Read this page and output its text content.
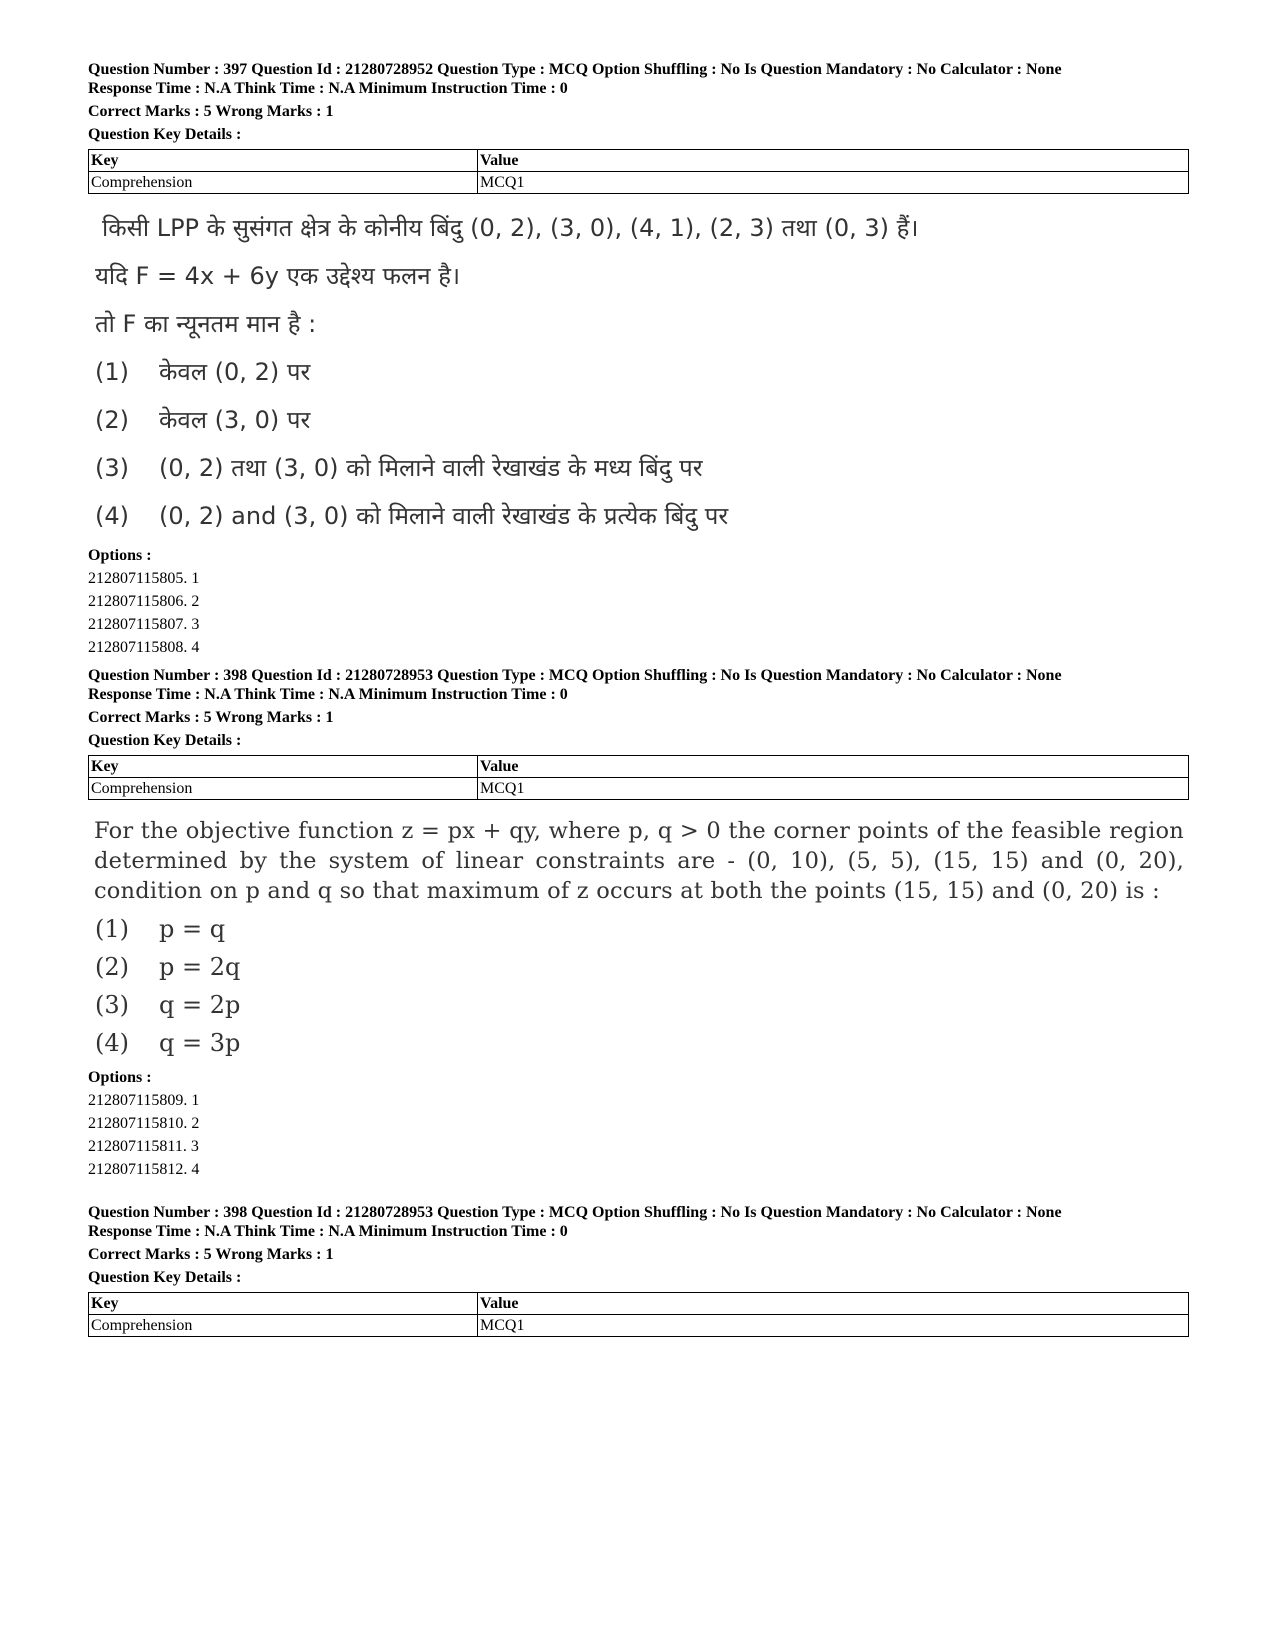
Question Number : 397 Question Id : 21280728952 Question Type : MCQ Option Shuffling : No Is Question Mandatory : No Calculator : None

Response Time : N.A Think Time : N.A Minimum Instruction Time : 0

Correct Marks : 5 Wrong Marks : 1

Question Key Details :

Key	Value
Comprehension	MCQ1

किसी LPP के सुसंगत क्षेत्र के कोनीय बिंदु (0, 2), (3, 0), (4, 1), (2, 3) तथा (0, 3) हैं।

यदि F = 4x + 6y एक उद्देश्य फलन है।

तो F का न्यूनतम मान है :

(1)	केवल (0, 2) पर
(2)	केवल (3, 0) पर
(3)	(0, 2) तथा (3, 0) को मिलाने वाली रेखाखंड के मध्य बिंदु पर
(4)	(0, 2) and (3, 0) को मिलाने वाली रेखाखंड के प्रत्येक बिंदु पर

Options :

212807115805. 1

212807115806. 2

212807115807. 3

212807115808. 4

Question Number : 398 Question Id : 21280728953 Question Type : MCQ Option Shuffling : No Is Question Mandatory : No Calculator : None

Response Time : N.A Think Time : N.A Minimum Instruction Time : 0

Correct Marks : 5 Wrong Marks : 1

Question Key Details :

Key	Value
Comprehension	MCQ1

For the objective function z = px + qy, where p, q > 0 the corner points of the feasible region determined by the system of linear constraints are - (0, 10), (5, 5), (15, 15) and (0, 20), condition on p and q so that maximum of z occurs at both the points (15, 15) and (0, 20) is :

(1)	p = q
(2)	p = 2q
(3)	q = 2p
(4)	q = 3p

Options :

212807115809. 1

212807115810. 2

212807115811. 3

212807115812. 4

Question Number : 398 Question Id : 21280728953 Question Type : MCQ Option Shuffling : No Is Question Mandatory : No Calculator : None

Response Time : N.A Think Time : N.A Minimum Instruction Time : 0

Correct Marks : 5 Wrong Marks : 1

Question Key Details :

Key	Value
Comprehension	MCQ1
